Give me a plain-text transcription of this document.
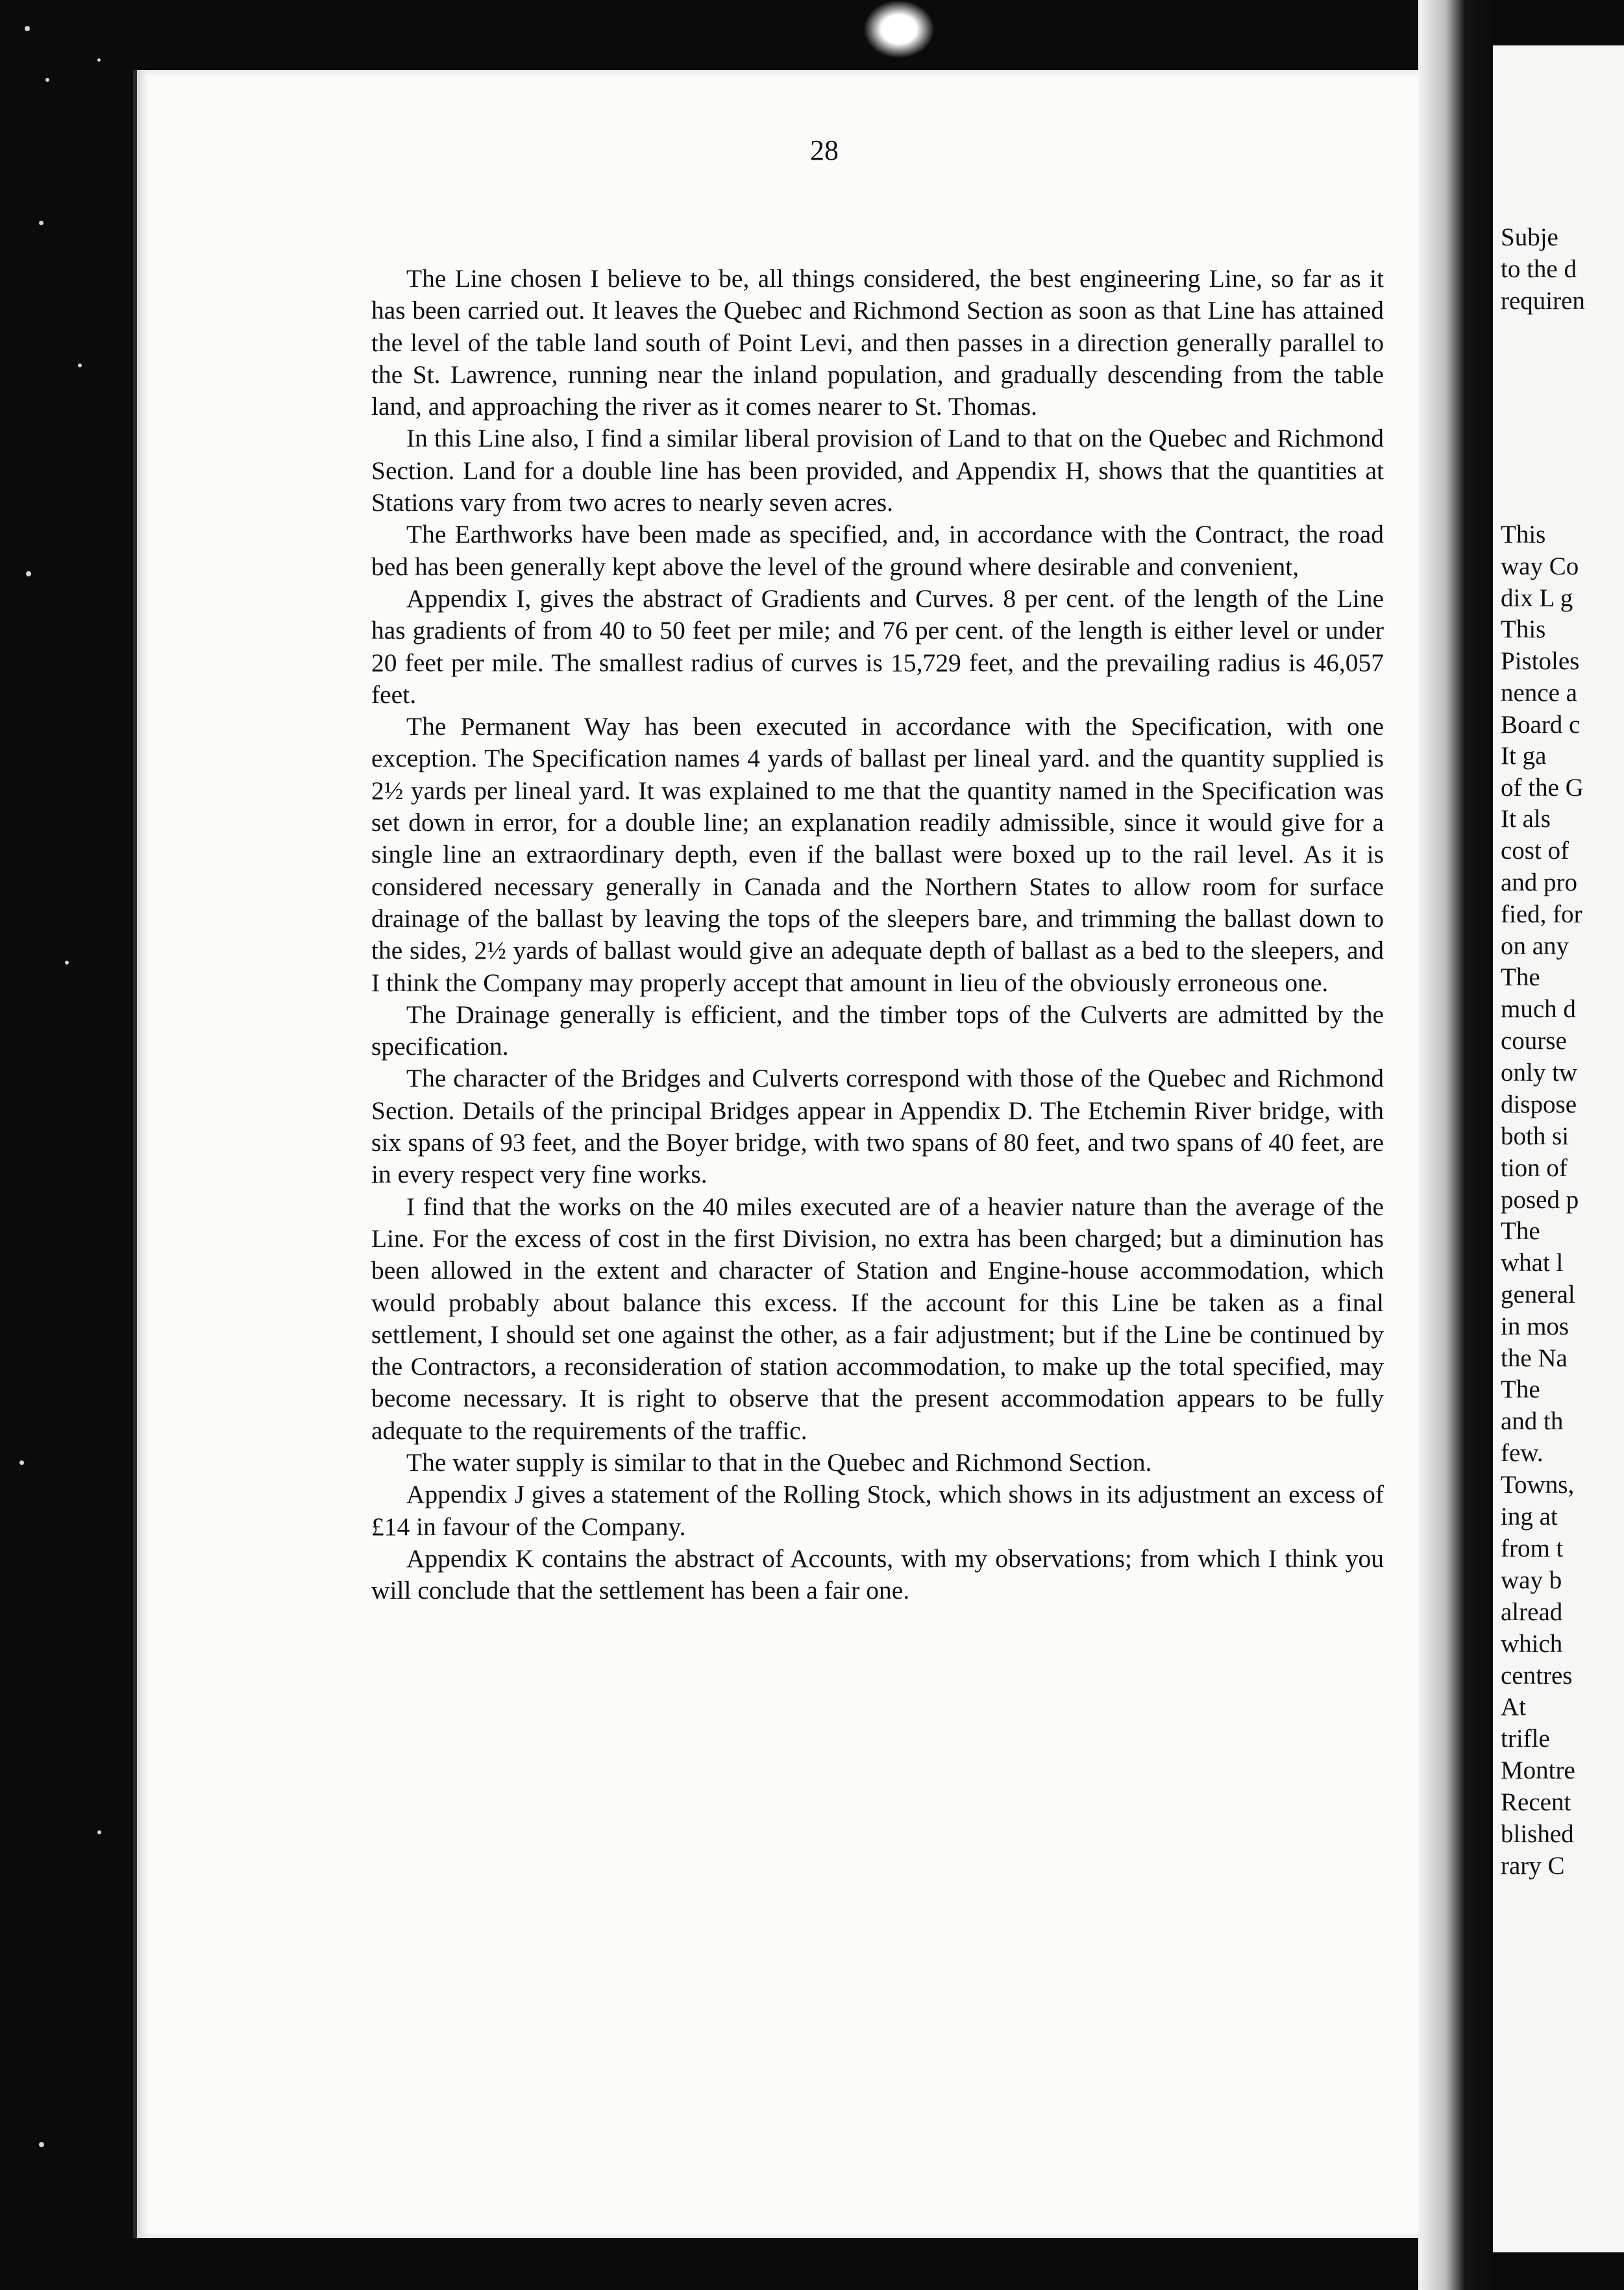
28

The Line chosen I believe to be, all things considered, the best engineering Line, so far as it has been carried out. It leaves the Quebec and Richmond Section as soon as that Line has attained the level of the table land south of Point Levi, and then passes in a direction generally parallel to the St. Lawrence, running near the inland population, and gradually descending from the table land, and approaching the river as it comes nearer to St. Thomas.

In this Line also, I find a similar liberal provision of Land to that on the Quebec and Richmond Section. Land for a double line has been provided, and Appendix H, shows that the quantities at Stations vary from two acres to nearly seven acres.

The Earthworks have been made as specified, and, in accordance with the Contract, the road bed has been generally kept above the level of the ground where desirable and convenient,

Appendix I, gives the abstract of Gradients and Curves. 8 per cent. of the length of the Line has gradients of from 40 to 50 feet per mile; and 76 per cent. of the length is either level or under 20 feet per mile. The smallest radius of curves is 15,729 feet, and the prevailing radius is 46,057 feet.

The Permanent Way has been executed in accordance with the Specification, with one exception. The Specification names 4 yards of ballast per lineal yard. and the quantity supplied is 2½ yards per lineal yard. It was explained to me that the quantity named in the Specification was set down in error, for a double line; an explanation readily admissible, since it would give for a single line an extraordinary depth, even if the ballast were boxed up to the rail level. As it is considered necessary generally in Canada and the Northern States to allow room for surface drainage of the ballast by leaving the tops of the sleepers bare, and trimming the ballast down to the sides, 2½ yards of ballast would give an adequate depth of ballast as a bed to the sleepers, and I think the Company may properly accept that amount in lieu of the obviously erroneous one.

The Drainage generally is efficient, and the timber tops of the Culverts are admitted by the specification.

The character of the Bridges and Culverts correspond with those of the Quebec and Richmond Section. Details of the principal Bridges appear in Appendix D. The Etchemin River bridge, with six spans of 93 feet, and the Boyer bridge, with two spans of 80 feet, and two spans of 40 feet, are in every respect very fine works.

I find that the works on the 40 miles executed are of a heavier nature than the average of the Line. For the excess of cost in the first Division, no extra has been charged; but a diminution has been allowed in the extent and character of Station and Engine-house accommodation, which would probably about balance this excess. If the account for this Line be taken as a final settlement, I should set one against the other, as a fair adjustment; but if the Line be continued by the Contractors, a reconsideration of station accommodation, to make up the total specified, may become necessary. It is right to observe that the present accommodation appears to be fully adequate to the requirements of the traffic.

The water supply is similar to that in the Quebec and Richmond Section.

Appendix J gives a statement of the Rolling Stock, which shows in its adjustment an excess of £14 in favour of the Company.

Appendix K contains the abstract of Accounts, with my observations; from which I think you will conclude that the settlement has been a fair one.

Subje
to the d
requiren
This
way Co
dix L g
This
Pistoles
nence a
Board c
It ga
of the G
It als
cost of
and pro
fied, for
on any
The
much d
course
only tw
dispose
both si
tion of
posed p
The
what l
general
in mos
the Na
The
and th
few.
Towns,
ing at
from t
way b
alread
which
centres
At
trifle
Montre
Recent
blished
rary C
